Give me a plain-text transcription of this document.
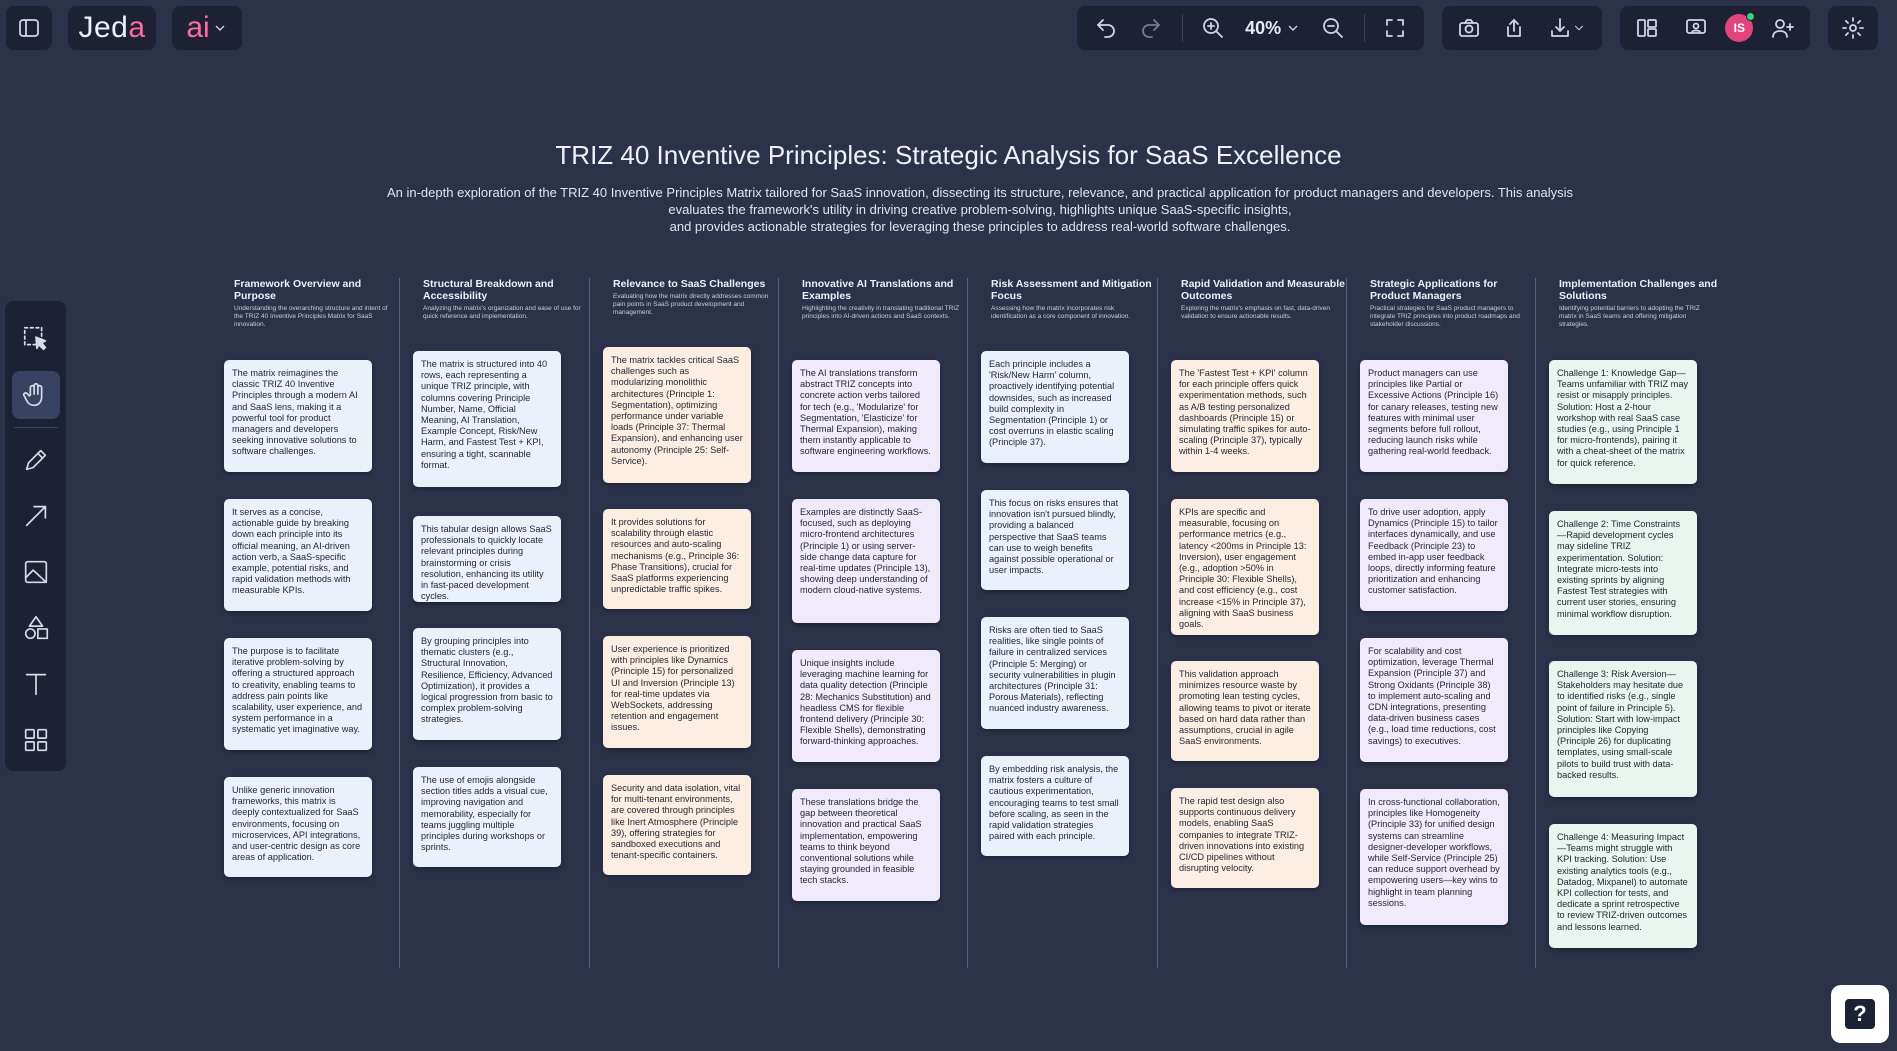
Jeda ai	40%	IS
TRIZ 40 Inventive Principles: Strategic Analysis for SaaS Excellence
An in-depth exploration of the TRIZ 40 Inventive Principles Matrix tailored for SaaS innovation, dissecting its structure, relevance, and practical application for product managers and developers. This analysis
evaluates the framework's utility in driving creative problem-solving, highlights unique SaaS-specific insights,
and provides actionable strategies for leveraging these principles to address real-world software challenges.
Framework Overview and Purpose
Understanding the overarching structure and intent of the TRIZ 40 Inventive Principles Matrix for SaaS innovation.
Structural Breakdown and Accessibility
Analyzing the matrix's organization and ease of use for quick reference and implementation.
Relevance to SaaS Challenges
Evaluating how the matrix directly addresses common pain points in SaaS product development and management.
Innovative AI Translations and Examples
Highlighting the creativity in translating traditional TRIZ principles into AI-driven actions and SaaS contexts.
Risk Assessment and Mitigation Focus
Assessing how the matrix incorporates risk identification as a core component of innovation.
Rapid Validation and Measurable Outcomes
Exploring the matrix's emphasis on fast, data-driven validation to ensure actionable results.
Strategic Applications for Product Managers
Practical strategies for SaaS product managers to integrate TRIZ principles into product roadmaps and stakeholder discussions.
Implementation Challenges and Solutions
Identifying potential barriers to adopting the TRIZ matrix in SaaS teams and offering mitigation strategies.
The matrix reimagines the classic TRIZ 40 Inventive Principles through a modern AI and SaaS lens, making it a powerful tool for product managers and developers seeking innovative solutions to software challenges.
It serves as a concise, actionable guide by breaking down each principle into its official meaning, an AI-driven action verb, a SaaS-specific example, potential risks, and rapid validation methods with measurable KPIs.
The purpose is to facilitate iterative problem-solving by offering a structured approach to creativity, enabling teams to address pain points like scalability, user experience, and system performance in a systematic yet imaginative way.
Unlike generic innovation frameworks, this matrix is deeply contextualized for SaaS environments, focusing on microservices, API integrations, and user-centric design as core areas of application.
The matrix is structured into 40 rows, each representing a unique TRIZ principle, with columns covering Principle Number, Name, Official Meaning, AI Translation, Example Concept, Risk/New Harm, and Fastest Test + KPI, ensuring a tight, scannable format.
This tabular design allows SaaS professionals to quickly locate relevant principles during brainstorming or crisis resolution, enhancing its utility in fast-paced development cycles.
By grouping principles into thematic clusters (e.g., Structural Innovation, Resilience, Efficiency, Advanced Optimization), it provides a logical progression from basic to complex problem-solving strategies.
The use of emojis alongside section titles adds a visual cue, improving navigation and memorability, especially for teams juggling multiple principles during workshops or sprints.
The matrix tackles critical SaaS challenges such as modularizing monolithic architectures (Principle 1: Segmentation), optimizing performance under variable loads (Principle 37: Thermal Expansion), and enhancing user autonomy (Principle 25: Self-Service).
It provides solutions for scalability through elastic resources and auto-scaling mechanisms (e.g., Principle 36: Phase Transitions), crucial for SaaS platforms experiencing unpredictable traffic spikes.
User experience is prioritized with principles like Dynamics (Principle 15) for personalized UI and Inversion (Principle 13) for real-time updates via WebSockets, addressing retention and engagement issues.
Security and data isolation, vital for multi-tenant environments, are covered through principles like Inert Atmosphere (Principle 39), offering strategies for sandboxed executions and tenant-specific containers.
The AI translations transform abstract TRIZ concepts into concrete action verbs tailored for tech (e.g., 'Modularize' for Segmentation, 'Elasticize' for Thermal Expansion), making them instantly applicable to software engineering workflows.
Examples are distinctly SaaS-focused, such as deploying micro-frontend architectures (Principle 1) or using server-side change data capture for real-time updates (Principle 13), showing deep understanding of modern cloud-native systems.
Unique insights include leveraging machine learning for data quality detection (Principle 28: Mechanics Substitution) and headless CMS for flexible frontend delivery (Principle 30: Flexible Shells), demonstrating forward-thinking approaches.
These translations bridge the gap between theoretical innovation and practical SaaS implementation, empowering teams to think beyond conventional solutions while staying grounded in feasible tech stacks.
Each principle includes a 'Risk/New Harm' column, proactively identifying potential downsides, such as increased build complexity in Segmentation (Principle 1) or cost overruns in elastic scaling (Principle 37).
This focus on risks ensures that innovation isn't pursued blindly, providing a balanced perspective that SaaS teams can use to weigh benefits against possible operational or user impacts.
Risks are often tied to SaaS realities, like single points of failure in centralized services (Principle 5: Merging) or security vulnerabilities in plugin architectures (Principle 31: Porous Materials), reflecting nuanced industry awareness.
By embedding risk analysis, the matrix fosters a culture of cautious experimentation, encouraging teams to test small before scaling, as seen in the rapid validation strategies paired with each principle.
The 'Fastest Test + KPI' column for each principle offers quick experimentation methods, such as A/B testing personalized dashboards (Principle 15) or simulating traffic spikes for auto-scaling (Principle 37), typically within 1-4 weeks.
KPIs are specific and measurable, focusing on performance metrics (e.g., latency <200ms in Principle 13: Inversion), user engagement (e.g., adoption >50% in Principle 30: Flexible Shells), and cost efficiency (e.g., cost increase <15% in Principle 37), aligning with SaaS business goals.
This validation approach minimizes resource waste by promoting lean testing cycles, allowing teams to pivot or iterate based on hard data rather than assumptions, crucial in agile SaaS environments.
The rapid test design also supports continuous delivery models, enabling SaaS companies to integrate TRIZ-driven innovations into existing CI/CD pipelines without disrupting velocity.
Product managers can use principles like Partial or Excessive Actions (Principle 16) for canary releases, testing new features with minimal user segments before full rollout, reducing launch risks while gathering real-world feedback.
To drive user adoption, apply Dynamics (Principle 15) to tailor interfaces dynamically, and use Feedback (Principle 23) to embed in-app user feedback loops, directly informing feature prioritization and enhancing customer satisfaction.
For scalability and cost optimization, leverage Thermal Expansion (Principle 37) and Strong Oxidants (Principle 38) to implement auto-scaling and CDN integrations, presenting data-driven business cases (e.g., load time reductions, cost savings) to executives.
In cross-functional collaboration, principles like Homogeneity (Principle 33) for unified design systems can streamline designer-developer workflows, while Self-Service (Principle 25) can reduce support overhead by empowering users—key wins to highlight in team planning sessions.
Challenge 1: Knowledge Gap—Teams unfamiliar with TRIZ may resist or misapply principles. Solution: Host a 2-hour workshop with real SaaS case studies (e.g., using Principle 1 for micro-frontends), pairing it with a cheat-sheet of the matrix for quick reference.
Challenge 2: Time Constraints—Rapid development cycles may sideline TRIZ experimentation. Solution: Integrate micro-tests into existing sprints by aligning Fastest Test strategies with current user stories, ensuring minimal workflow disruption.
Challenge 3: Risk Aversion—Stakeholders may hesitate due to identified risks (e.g., single point of failure in Principle 5). Solution: Start with low-impact principles like Copying (Principle 26) for duplicating templates, using small-scale pilots to build trust with data-backed results.
Challenge 4: Measuring Impact—Teams might struggle with KPI tracking. Solution: Use existing analytics tools (e.g., Datadog, Mixpanel) to automate KPI collection for tests, and dedicate a sprint retrospective to review TRIZ-driven outcomes and lessons learned.
?
